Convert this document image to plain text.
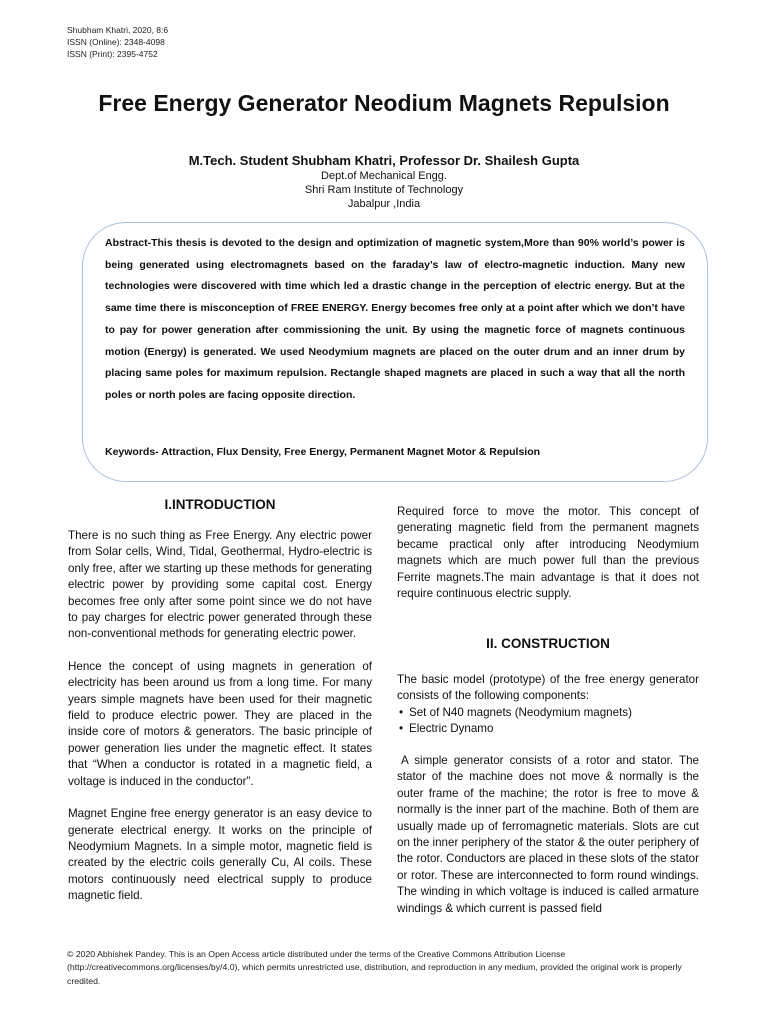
Shubham Khatri, 2020, 8:6
ISSN (Online): 2348-4098
ISSN (Print): 2395-4752
Free Energy Generator Neodium Magnets Repulsion
M.Tech. Student Shubham Khatri, Professor Dr. Shailesh Gupta
Dept.of Mechanical Engg.
Shri Ram Institute of Technology
Jabalpur ,India

Abstract-This thesis is devoted to the design and optimization of magnetic system,More than 90% world’s power is being generated using electromagnets based on the faraday’s law of electro-magnetic induction. Many new technologies were discovered with time which led a drastic change in the perception of electric energy. But at the same time there is misconception of FREE ENERGY. Energy becomes free only at a point after which we don’t have to pay for power generation after commissioning the unit. By using the magnetic force of magnets continuous motion (Energy) is generated. We used Neodymium magnets are placed on the outer drum and an inner drum by placing same poles for maximum repulsion. Rectangle shaped magnets are placed in such a way that all the north poles or north poles are facing opposite direction.

Keywords- Attraction, Flux Density, Free Energy, Permanent Magnet Motor & Repulsion

I.INTRODUCTION

There is no such thing as Free Energy. Any electric power from Solar cells, Wind, Tidal, Geothermal, Hydro-electric is only free, after we starting up these methods for generating electric power by providing some capital cost. Energy becomes free only after some point since we do not have to pay charges for electric power generated through these non-conventional methods for generating electric power.

Hence the concept of using magnets in generation of electricity has been around us from a long time. For many years simple magnets have been used for their magnetic field to produce electric power. They are placed in the inside core of motors & generators. The basic principle of power generation lies under the magnetic effect. It states that “When a conductor is rotated in a magnetic field, a voltage is induced in the conductor”.

Magnet Engine free energy generator is an easy device to generate electrical energy. It works on the principle of Neodymium Magnets. In a simple motor, magnetic field is created by the electric coils generally Cu, Al coils. These motors continuously need electrical supply to produce magnetic field.

Required force to move the motor. This concept of generating magnetic field from the permanent magnets became practical only after introducing Neodymium magnets which are much power full than the previous Ferrite magnets.The main advantage is that it does not require continuous electric supply.

II. CONSTRUCTION

The basic model (prototype) of the free energy generator consists of the following components:

• Set of N40 magnets (Neodymium magnets)
• Electric Dynamo

A simple generator consists of a rotor and stator. The stator of the machine does not move & normally is the outer frame of the machine; the rotor is free to move & normally is the inner part of the machine. Both of them are usually made up of ferromagnetic materials. Slots are cut on the inner periphery of the stator & the outer periphery of the rotor. Conductors are placed in these slots of the stator or rotor. These are interconnected to form round windings. The winding in which voltage is induced is called armature windings & which current is passed field

© 2020 Abhishek Pandey. This is an Open Access article distributed under the terms of the Creative Commons Attribution License (http://creativecommons.org/licenses/by/4.0), which permits unrestricted use, distribution, and reproduction in any medium, provided the original work is properly credited.
